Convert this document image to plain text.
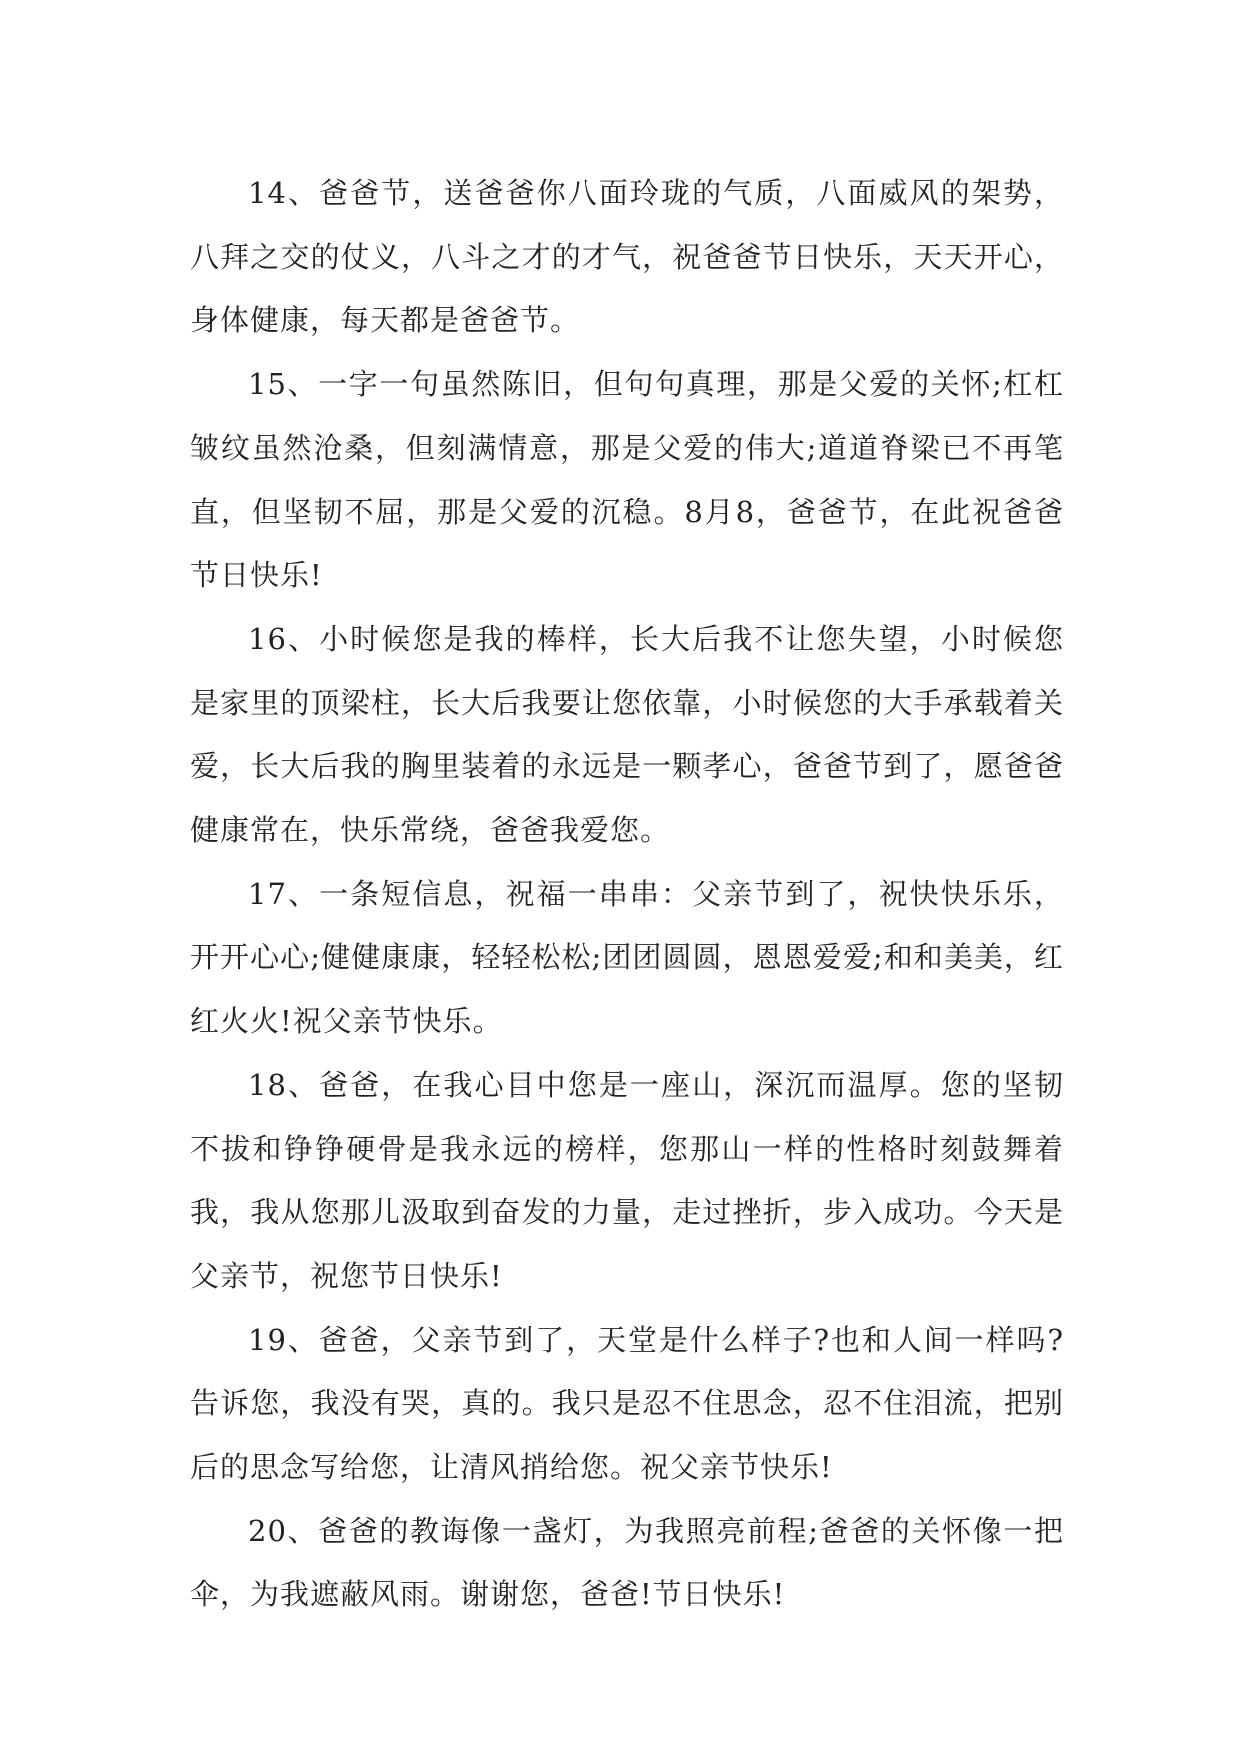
14、爸爸节，送爸爸你八面玲珑的气质，八面威风的架势，八拜之交的仗义，八斗之才的才气，祝爸爸节日快乐，天天开心，身体健康，每天都是爸爸节。

15、一字一句虽然陈旧，但句句真理，那是父爱的关怀;杠杠皱纹虽然沧桑，但刻满情意，那是父爱的伟大;道道脊梁已不再笔直，但坚韧不屈，那是父爱的沉稳。8月8，爸爸节，在此祝爸爸节日快乐!

16、小时候您是我的棒样，长大后我不让您失望，小时候您是家里的顶梁柱，长大后我要让您依靠，小时候您的大手承载着关爱，长大后我的胸里装着的永远是一颗孝心，爸爸节到了，愿爸爸健康常在，快乐常绕，爸爸我爱您。

17、一条短信息，祝福一串串：父亲节到了，祝快快乐乐，开开心心;健健康康，轻轻松松;团团圆圆，恩恩爱爱;和和美美，红红火火!祝父亲节快乐。

18、爸爸，在我心目中您是一座山，深沉而温厚。您的坚韧不拔和铮铮硬骨是我永远的榜样，您那山一样的性格时刻鼓舞着我，我从您那儿汲取到奋发的力量，走过挫折，步入成功。今天是父亲节，祝您节日快乐!

19、爸爸，父亲节到了，天堂是什么样子?也和人间一样吗?告诉您，我没有哭，真的。我只是忍不住思念，忍不住泪流，把别后的思念写给您，让清风捎给您。祝父亲节快乐!

20、爸爸的教诲像一盏灯，为我照亮前程;爸爸的关怀像一把伞，为我遮蔽风雨。谢谢您，爸爸!节日快乐!
